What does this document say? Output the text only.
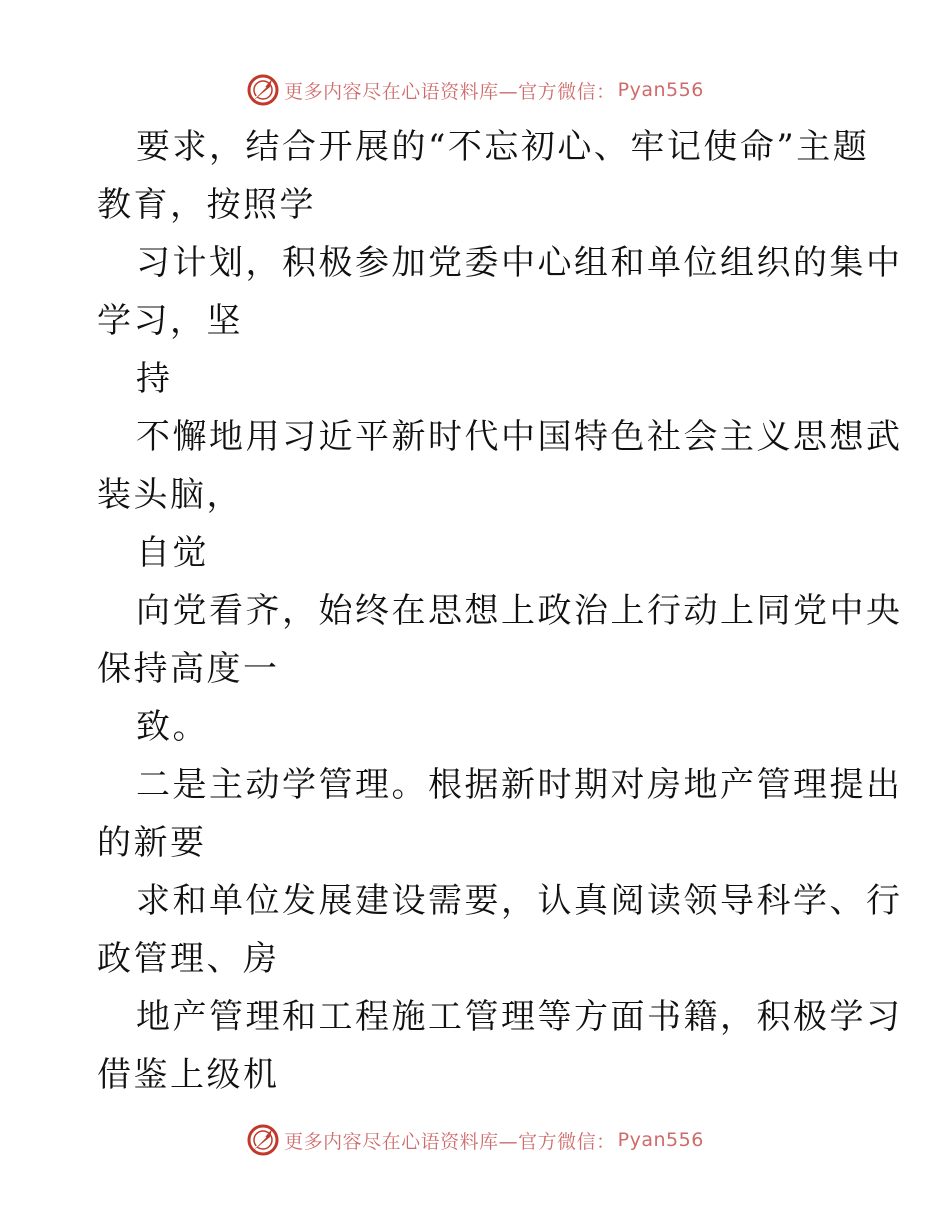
更多内容尽在心语资料库—官方微信： Pyan556
要求，结合开展的“不忘初心、牢记使命”主题
教育，按照学
习计划，积极参加党委中心组和单位组织的集中
学习，坚
持
不懈地用习近平新时代中国特色社会主义思想武
装头脑，
自觉
向党看齐，始终在思想上政治上行动上同党中央
保持高度一
致。
二是主动学管理。根据新时期对房地产管理提出
的新要
求和单位发展建设需要，认真阅读领导科学、行
政管理、房
地产管理和工程施工管理等方面书籍，积极学习
借鉴上级机
更多内容尽在心语资料库—官方微信： Pyan556
